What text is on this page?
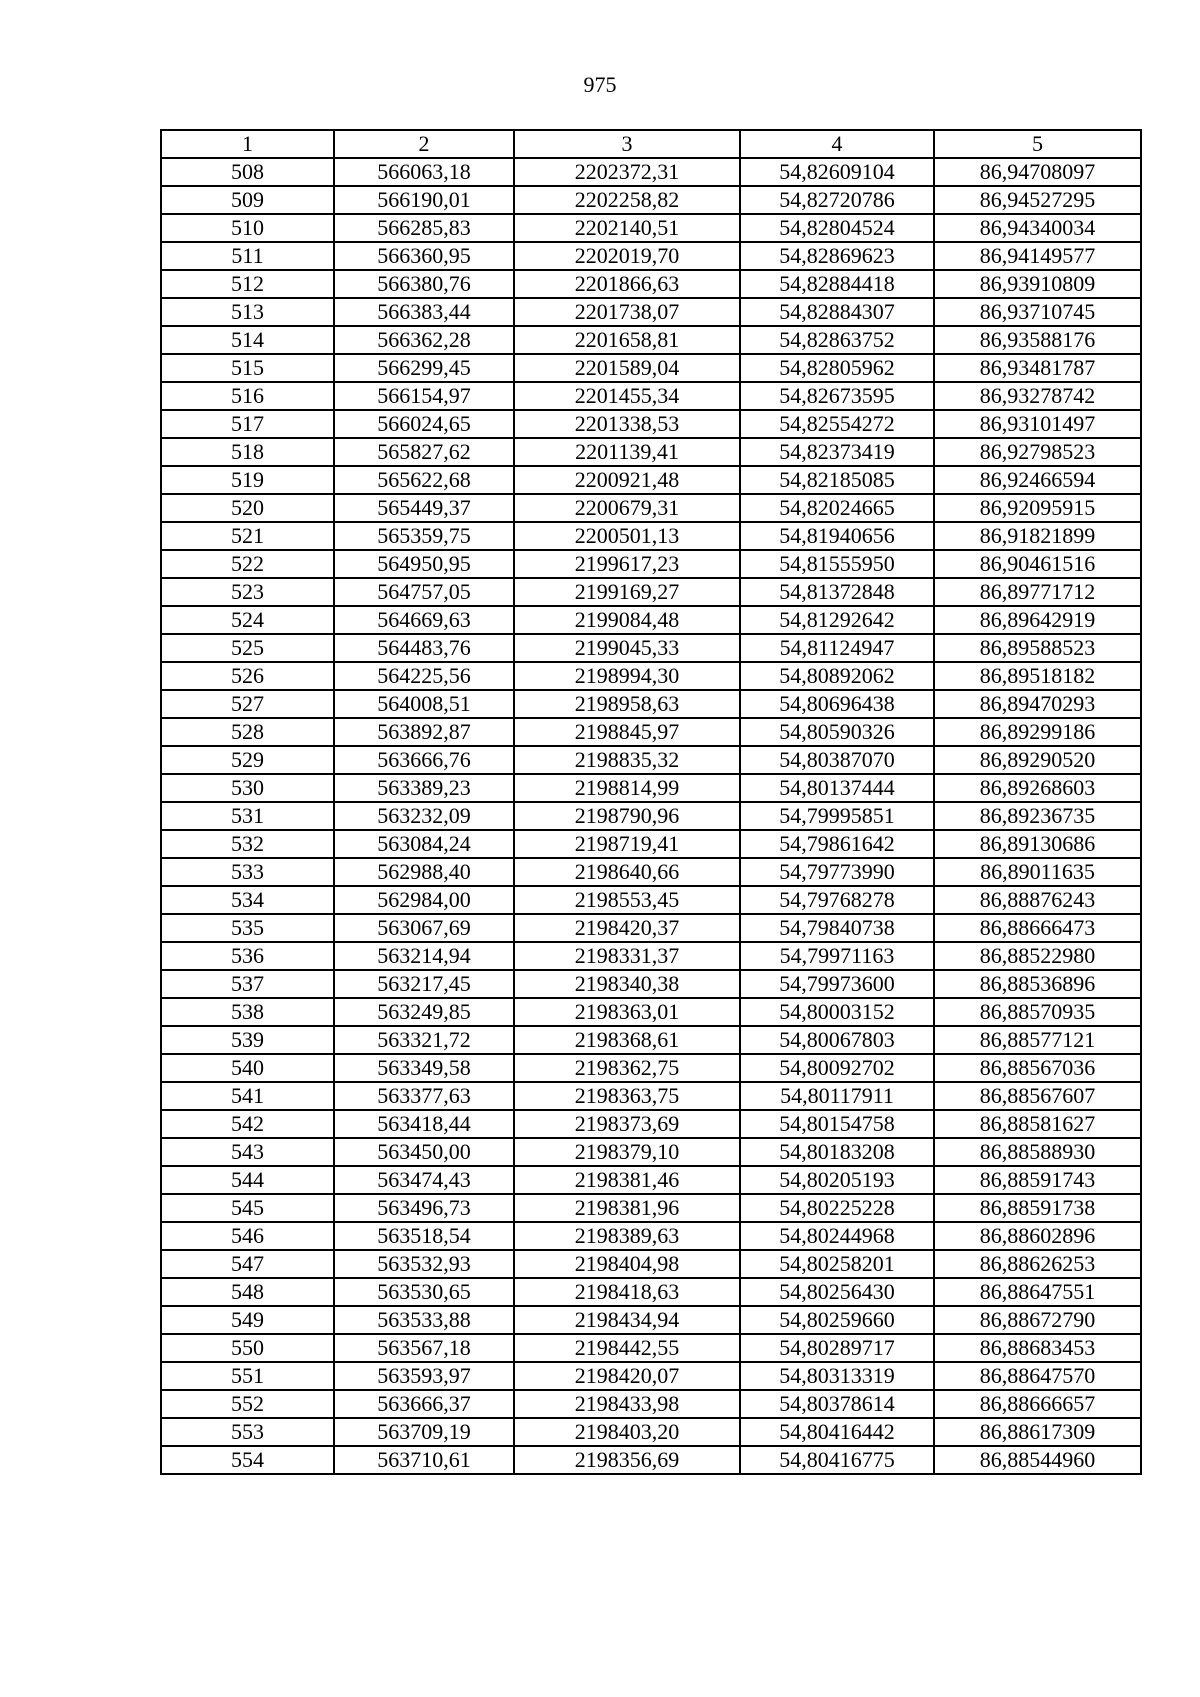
975
1	2	3	4	5
508	566063,18	2202372,31	54,82609104	86,94708097
509	566190,01	2202258,82	54,82720786	86,94527295
510	566285,83	2202140,51	54,82804524	86,94340034
511	566360,95	2202019,70	54,82869623	86,94149577
512	566380,76	2201866,63	54,82884418	86,93910809
513	566383,44	2201738,07	54,82884307	86,93710745
514	566362,28	2201658,81	54,82863752	86,93588176
515	566299,45	2201589,04	54,82805962	86,93481787
516	566154,97	2201455,34	54,82673595	86,93278742
517	566024,65	2201338,53	54,82554272	86,93101497
518	565827,62	2201139,41	54,82373419	86,92798523
519	565622,68	2200921,48	54,82185085	86,92466594
520	565449,37	2200679,31	54,82024665	86,92095915
521	565359,75	2200501,13	54,81940656	86,91821899
522	564950,95	2199617,23	54,81555950	86,90461516
523	564757,05	2199169,27	54,81372848	86,89771712
524	564669,63	2199084,48	54,81292642	86,89642919
525	564483,76	2199045,33	54,81124947	86,89588523
526	564225,56	2198994,30	54,80892062	86,89518182
527	564008,51	2198958,63	54,80696438	86,89470293
528	563892,87	2198845,97	54,80590326	86,89299186
529	563666,76	2198835,32	54,80387070	86,89290520
530	563389,23	2198814,99	54,80137444	86,89268603
531	563232,09	2198790,96	54,79995851	86,89236735
532	563084,24	2198719,41	54,79861642	86,89130686
533	562988,40	2198640,66	54,79773990	86,89011635
534	562984,00	2198553,45	54,79768278	86,88876243
535	563067,69	2198420,37	54,79840738	86,88666473
536	563214,94	2198331,37	54,79971163	86,88522980
537	563217,45	2198340,38	54,79973600	86,88536896
538	563249,85	2198363,01	54,80003152	86,88570935
539	563321,72	2198368,61	54,80067803	86,88577121
540	563349,58	2198362,75	54,80092702	86,88567036
541	563377,63	2198363,75	54,80117911	86,88567607
542	563418,44	2198373,69	54,80154758	86,88581627
543	563450,00	2198379,10	54,80183208	86,88588930
544	563474,43	2198381,46	54,80205193	86,88591743
545	563496,73	2198381,96	54,80225228	86,88591738
546	563518,54	2198389,63	54,80244968	86,88602896
547	563532,93	2198404,98	54,80258201	86,88626253
548	563530,65	2198418,63	54,80256430	86,88647551
549	563533,88	2198434,94	54,80259660	86,88672790
550	563567,18	2198442,55	54,80289717	86,88683453
551	563593,97	2198420,07	54,80313319	86,88647570
552	563666,37	2198433,98	54,80378614	86,88666657
553	563709,19	2198403,20	54,80416442	86,88617309
554	563710,61	2198356,69	54,80416775	86,88544960
